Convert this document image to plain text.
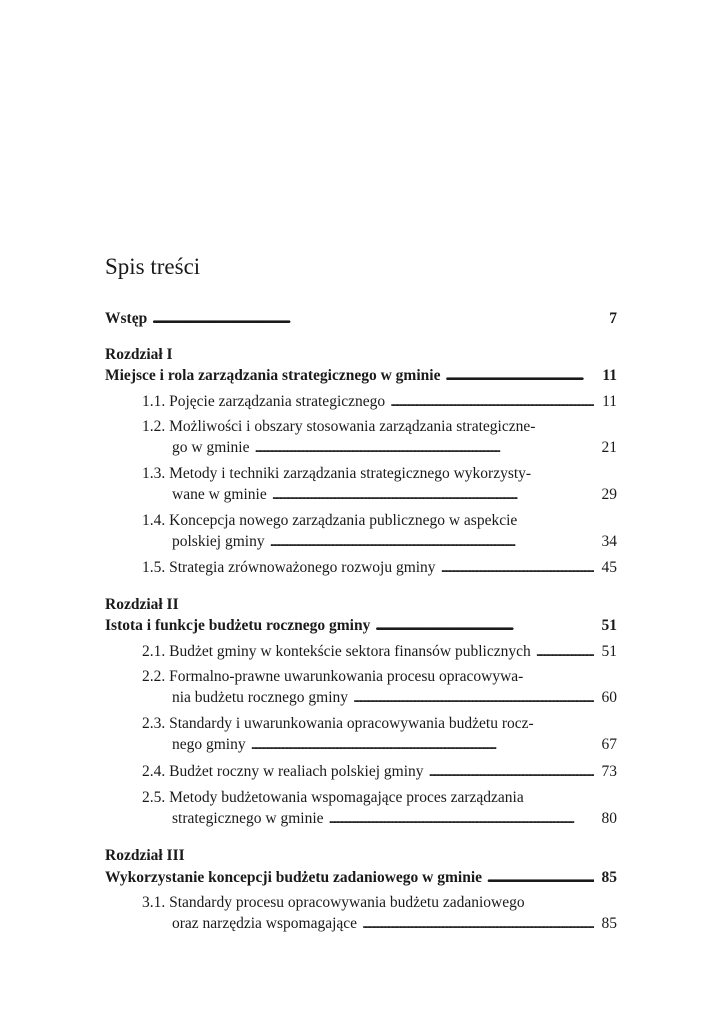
Spis treści
Wstęp . . .	7
Rozdział I
Miejsce i rola zarządzania strategicznego w gminie . . .	11
1.1. Pojęcie zarządzania strategicznego . . .	11
1.2. Możliwości i obszary stosowania zarządzania strategiczne-
go w gminie . . .	21
1.3. Metody i techniki zarządzania strategicznego wykorzysty-
wane w gminie . . .	29
1.4. Koncepcja nowego zarządzania publicznego w aspekcie
polskiej gminy . . .	34
1.5. Strategia zrównoważonego rozwoju gminy . . .	45
Rozdział II
Istota i funkcje budżetu rocznego gminy . . .	51
2.1. Budżet gminy w kontekście sektora finansów publicznych . . .	51
2.2. Formalno-prawne uwarunkowania procesu opracowywa-
nia budżetu rocznego gminy . . .	60
2.3. Standardy i uwarunkowania opracowywania budżetu rocz-
nego gminy . . .	67
2.4. Budżet roczny w realiach polskiej gminy . . .	73
2.5. Metody budżetowania wspomagające proces zarządzania
strategicznego w gminie . . .	80
Rozdział III
Wykorzystanie koncepcji budżetu zadaniowego w gminie . . .	85
3.1. Standardy procesu opracowywania budżetu zadaniowego
oraz narzędzia wspomagające . . .	85
